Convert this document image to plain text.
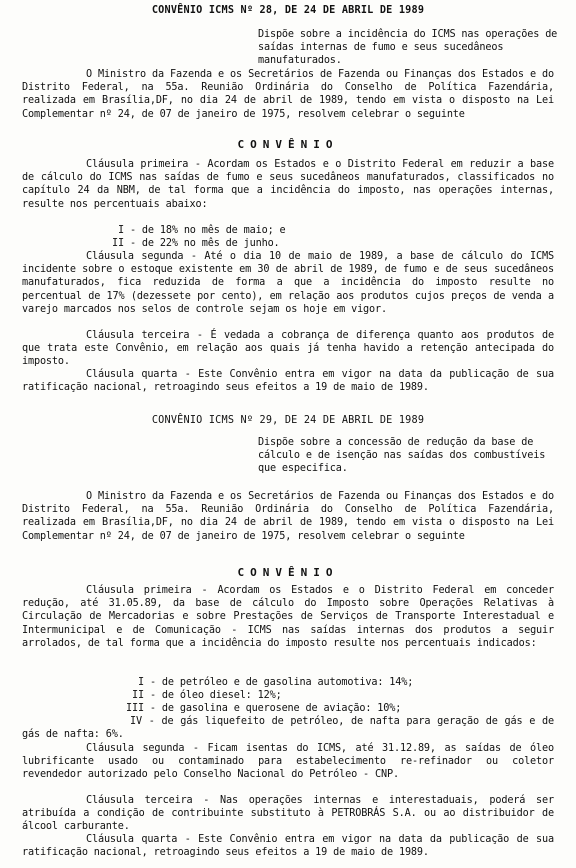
CONVÊNIO ICMS Nº 28, DE 24 DE ABRIL DE 1989
Dispõe sobre a incidência do ICMS nas operações de saídas internas de fumo e seus sucedâneos manufaturados.
O Ministro da Fazenda e os Secretários de Fazenda ou Finanças dos Estados e do Distrito Federal, na 55a. Reunião Ordinária do Conselho de Política Fazendária, realizada em Brasília,DF, no dia 24 de abril de 1989, tendo em vista o disposto na Lei Complementar nº 24, de 07 de janeiro de 1975, resolvem celebrar o seguinte
CONVÊNIO
Cláusula primeira - Acordam os Estados e o Distrito Federal em reduzir a base de cálculo do ICMS nas saídas de fumo e seus sucedâneos manufaturados, classificados no capítulo 24 da NBM, de tal forma que a incidência do imposto, nas operações internas, resulte nos percentuais abaixo:
I - de 18% no mês de maio; e
II - de 22% no mês de junho.
Cláusula segunda - Até o dia 10 de maio de 1989, a base de cálculo do ICMS incidente sobre o estoque existente em 30 de abril de 1989, de fumo e de seus sucedâneos manufaturados, fica reduzida de forma a que a incidência do imposto resulte no percentual de 17% (dezessete por cento), em relação aos produtos cujos preços de venda a varejo marcados nos selos de controle sejam os hoje em vigor.
Cláusula terceira - É vedada a cobrança de diferença quanto aos produtos de que trata este Convênio, em relação aos quais já tenha havido a retenção antecipada do imposto.
Cláusula quarta - Este Convênio entra em vigor na data da publicação de sua ratificação nacional, retroagindo seus efeitos a 19 de maio de 1989.
CONVÊNIO ICMS Nº 29, DE 24 DE ABRIL DE 1989
Dispõe sobre a concessão de redução da base de cálculo e de isenção nas saídas dos combustíveis que especifica.
O Ministro da Fazenda e os Secretários de Fazenda ou Finanças dos Estados e do Distrito Federal, na 55a. Reunião Ordinária do Conselho de Política Fazendária, realizada em Brasília,DF, no dia 24 de abril de 1989, tendo em vista o disposto na Lei Complementar nº 24, de 07 de janeiro de 1975, resolvem celebrar o seguinte
CONVÊNIO
Cláusula primeira - Acordam os Estados e o Distrito Federal em conceder redução, até 31.05.89, da base de cálculo do Imposto sobre Operações Relativas à Circulação de Mercadorias e sobre Prestações de Serviços de Transporte Interestadual e Intermunicipal e de Comunicação - ICMS nas saídas internas dos produtos a seguir arrolados, de tal forma que a incidência do imposto resulte nos percentuais indicados:
I - de petróleo e de gasolina automotiva: 14%;
II - de óleo diesel: 12%;
III - de gasolina e querosene de aviação: 10%;
IV - de gás liquefeito de petróleo, de nafta para geração de gás e de gás de nafta: 6%.
Cláusula segunda - Ficam isentas do ICMS, até 31.12.89, as saídas de óleo lubrificante usado ou contaminado para estabelecimento re-refinador ou coletor revendedor autorizado pelo Conselho Nacional do Petróleo - CNP.
Cláusula terceira - Nas operações internas e interestaduais, poderá ser atribuída a condição de contribuinte substituto à PETROBRÁS S.A. ou ao distribuidor de álcool carburante.
Cláusula quarta - Este Convênio entra em vigor na data da publicação de sua ratificação nacional, retroagindo seus efeitos a 19 de maio de 1989.
